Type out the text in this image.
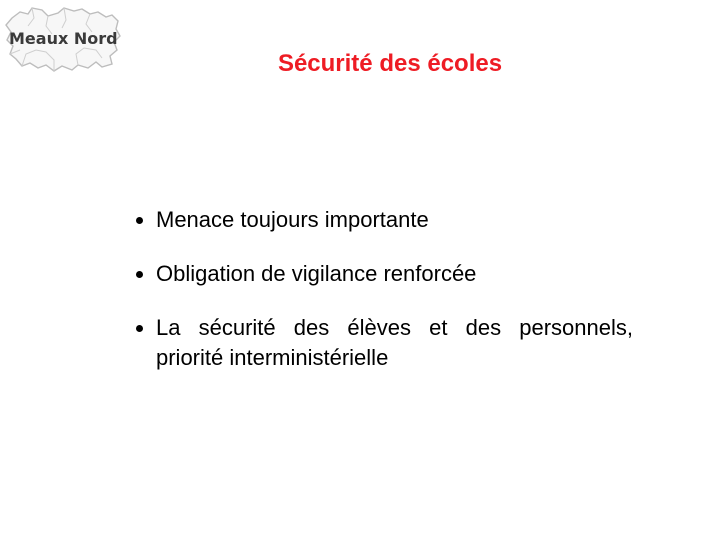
Meaux Nord
Sécurité des écoles
Menace toujours importante
Obligation de vigilance renforcée
La sécurité des élèves et des personnels, priorité interministérielle
